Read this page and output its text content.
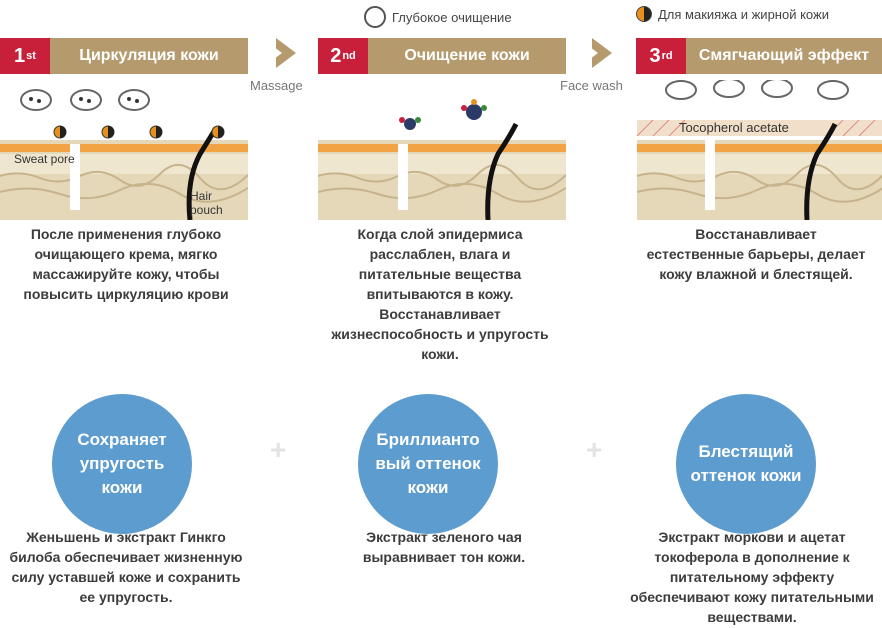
Глубокое очищение	Для макияжа и жирной кожи
1 st	Циркуляция кожи	2 nd	Очищение кожи	3 rd	Смягчающий эффект
Massage	Face wash
Sweat pore
Hair
pouch
Tocopherol acetate
После применения глубоко очищающего крема, мягко массажируйте кожу, чтобы повысить циркуляцию крови
Когда слой эпидермиса расслаблен, влага и питательные вещества впитываются в кожу. Восстанавливает жизнеспособность и упругость кожи.
Восстанавливает естественные барьеры, делает кожу влажной и блестящей.
Сохраняет упругость кожи
Бриллианто вый оттенок кожи
Блестящий оттенок кожи
+	+
Женьшень и экстракт Гинкго билоба обеспечивает жизненную силу уставшей коже и сохранить ее упругость.
Экстракт зеленого чая выравнивает тон кожи.
Экстракт моркови и ацетат токоферола в дополнение к питательному эффекту обеспечивают кожу питательными веществами.
